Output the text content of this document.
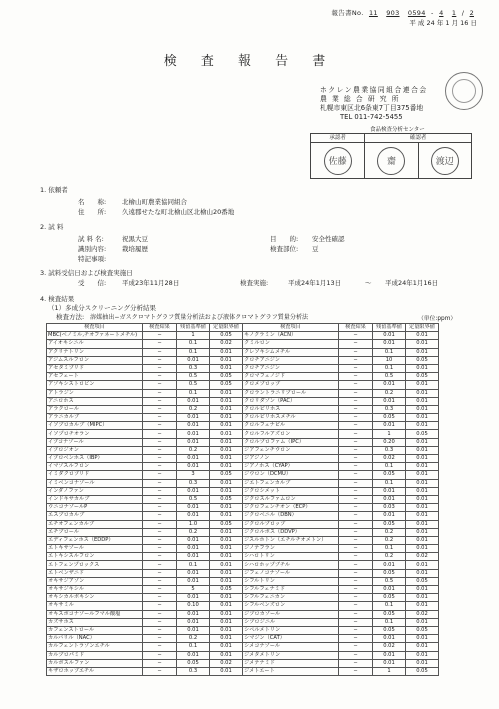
報告書No. 11 903 0594 - 4 1 / 2
平 成 24 年 1 月 16 日
検 査 報 告 書
ホクレン農業協同組合連合会
農 業 総 合 研 究 所
札幌市東区北6条東7丁目375番地
TEL 011-742-5455
食品検査分析センター
承認者	確認者
佐藤	齋	渡辺
1. 依頼者
名　　称: 北檜山町農業協同組合
住　　所: 久遠郡せたな町北檜山区北檜山20番地
2. 試 料
試 料 名:	祝黒大豆	目　　的: 安全性確認
識別内容: 栽培履歴	検査部位: 豆
特記事項:
3. 試料受信日および検査実施日
受　　信: 平成23年11月28日	検査実施:	平成24年1月13日	〜 平成24年1月16日
4. 検査結果
（1）多成分スクリーニング分析結果
検査方法: 溶媒抽出−ガスクロマトグラフ質量分析法および液体クロマトグラフ質量分析法	（単位:ppm）
検査項目	検査結果	残留基準値	定量限界値
MBC(ベノミル,チオファネートメチル)	−	1	0.05
アイオキシニル	−	0.1	0.02
アクリナトリン	−	0.1	0.01
アジムスルフロン	−	0.01	0.01
アセタミプリド	−	0.3	0.01
アセフェート	−	0.5	0.05
アゾキシストロビン	−	0.5	0.05
アトラジン	−	0.1	0.01
アニロホス	−	0.01	0.01
アラクロール	−	0.2	0.01
アラニカルブ	−	0.01	0.01
イソプロカルブ（MIPC）	−	0.01	0.01
イソプロチオラン	−	0.01	0.01
イプコナゾール	−	0.01	0.01
イプロジオン	−	0.2	0.01
イプロベンホス（IBP）	−	0.01	0.01
イマゾスルフロン	−	0.01	0.01
イミダクロプリド	−	3	0.05
イミベンコナゾール	−	0.3	0.01
インダノファン	−	0.01	0.01
インドキサカルブ	−	0.5	0.05
ウニコナゾールP	−	0.01	0.01
エスプロカルブ	−	0.01	0.01
エチオフェンカルブ	−	1.0	0.05
エチプロール	−	0.2	0.01
エディフェンホス（EDDP）	−	0.01	0.01
エトキサゾール	−	0.01	0.01
エトキシスルフロン	−	0.01	0.01
エトフェンプロックス	−	0.1	0.01
エトベンザニド	−	0.01	0.01
オキサジアゾン	−	0.01	0.01
オキサジキシル	−	5	0.05
オキシカルボキシン	−	0.01	0.01
オキサミル	−	0.10	0.01
オキスポコナゾールフマル酸塩	−	0.01	0.01
カズサホス	−	0.01	0.01
カフェンストロール	−	0.01	0.01
カルバリル（NAC）	−	0.2	0.01
カルフェントラゾンエチル	−	0.1	0.01
カルプロパミド	−	0.01	0.01
カルボスルファン	−	0.05	0.02
キザロホップエチル	−	0.3	0.01
検査項目	検査結果	残留基準値	定量限界値
キノクラミン（ACN）	−	0.01	0.01
クミルロン	−	0.01	0.01
クレソキシムメチル	−	0.1	0.01
クロチアニジン	−	10	0.05
クロチアニジン	−	0.1	0.01
クロマフェノジド	−	0.5	0.05
クロメプロップ	−	0.01	0.01
クロラントラニリプロール	−	0.2	0.01
クロリダゾン（PAC）	−	0.01	0.01
クロルピリホス	−	0.3	0.01
クロルピリホスメチル	−	0.05	0.01
クロルフェナピル	−	0.01	0.01
クロルフルアズロン	−	1	0.05
クロルプロファム（IPC）	−	0.20	0.01
ジアフェンチウロン	−	0.3	0.01
ジアジノン	−	0.02	0.01
ジアノホス（CYAP）	−	0.1	0.01
ジウロン（DCMU）	−	0.05	0.01
ジエトフェンカルブ	−	0.1	0.01
ジクロシメット	−	0.01	0.01
ジクロスルファムロン	−	0.01	0.01
ジクロフェンチオン（ECP）	−	0.03	0.01
ジクロベニル（DBN）	−	0.01	0.01
ジクロルプロップ	−	0.05	0.01
ジクロルボス（DDVP）	−	0.2	0.01
ジスルホトン（エチルチオメトン）	−	0.2	0.01
ジノテフラン	−	0.1	0.01
シハロトリン	−	0.2	0.02
シハロホップブチル	−	0.01	0.01
ジフェノコナゾール	−	0.05	0.01
シフルトリン	−	0.5	0.05
シフルフェナミド	−	0.01	0.01
シフルフェニカン	−	0.05	0.01
シフルベンズロン	−	0.1	0.01
ジプロカゾール	−	0.05	0.02
シプロジニル	−	0.1	0.01
シペルメトリン	−	0.05	0.05
シマジン（CAT）	−	0.01	0.01
シメコナゾール	−	0.02	0.01
ジメタメトリン	−	0.01	0.01
ジメテナミド	−	0.01	0.01
ジメトエート	−	1	0.05
